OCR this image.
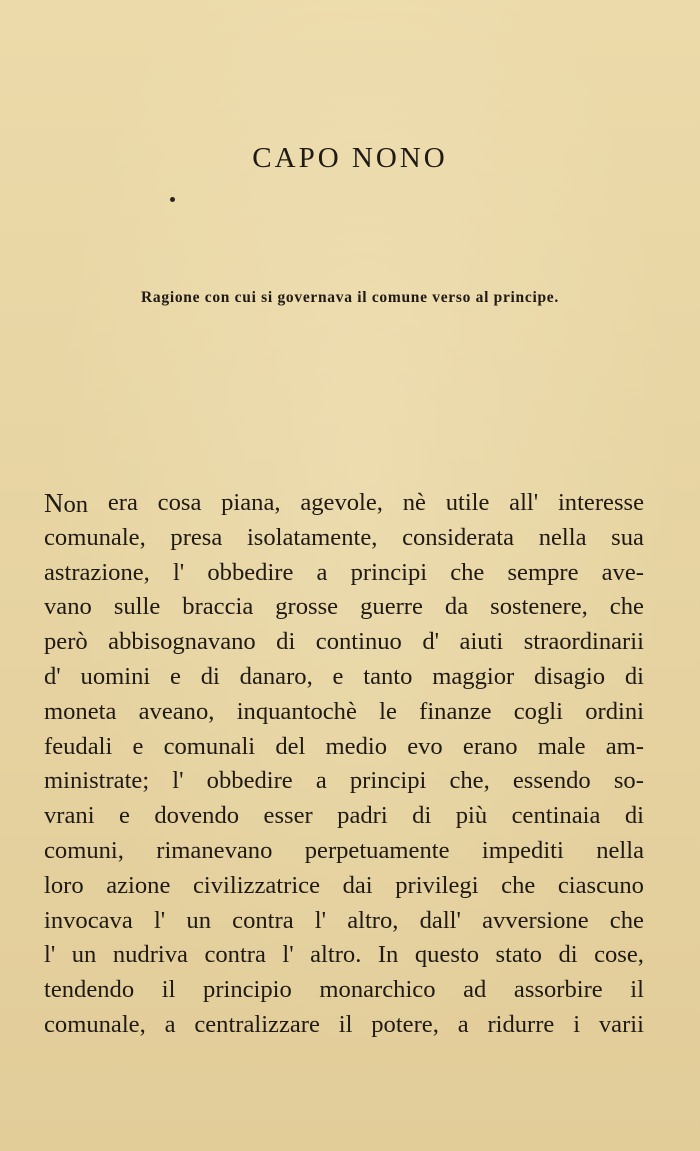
CAPO NONO

Ragione con cui si governava il comune verso al principe.

Non era cosa piana, agevole, nè utile all' interesse
comunale, presa isolatamente, considerata nella sua
astrazione, l' obbedire a principi che sempre ave-
vano sulle braccia grosse guerre da sostenere, che
però abbisognavano di continuo d' aiuti straordinarii
d' uomini e di danaro, e tanto maggior disagio di
moneta aveano, inquantochè le finanze cogli ordini
feudali e comunali del medio evo erano male am-
ministrate; l' obbedire a principi che, essendo so-
vrani e dovendo esser padri di più centinaia di
comuni, rimanevano perpetuamente impediti nella
loro azione civilizzatrice dai privilegi che ciascuno
invocava l' un contra l' altro, dall' avversione che
l' un nudriva contra l' altro. In questo stato di cose,
tendendo il principio monarchico ad assorbire il
comunale, a centralizzare il potere, a ridurre i varii
